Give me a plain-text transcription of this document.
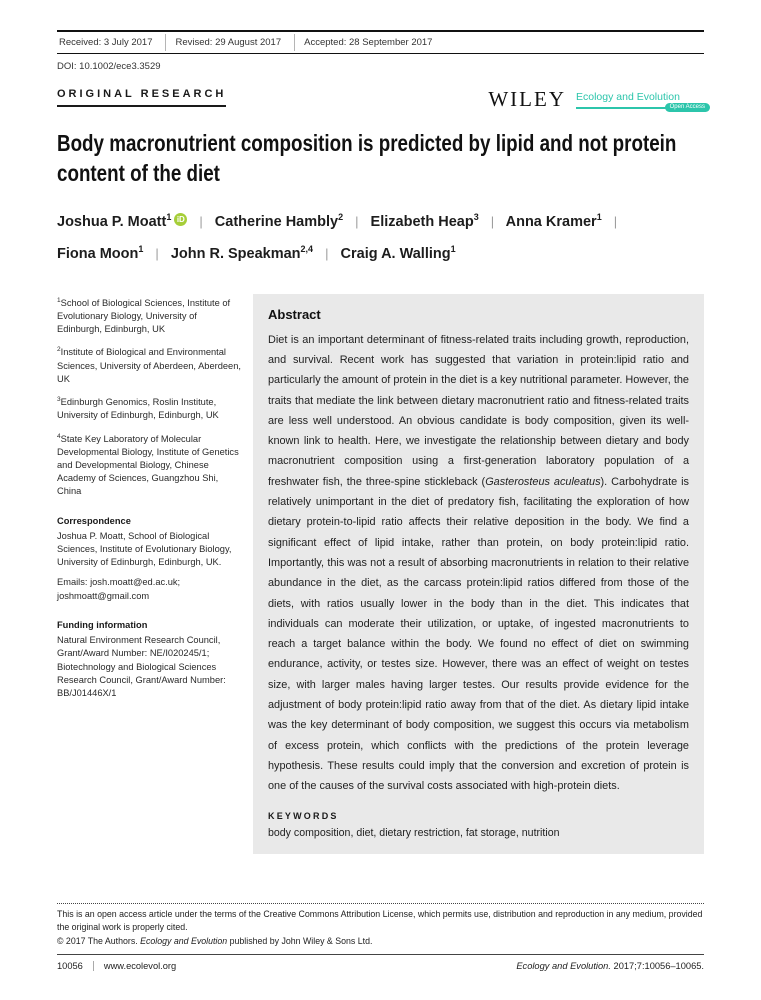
Received: 3 July 2017	Revised: 29 August 2017	Accepted: 28 September 2017
DOI: 10.1002/ece3.3529
ORIGINAL RESEARCH	WILEY Ecology and Evolution
Open Access
Body macronutrient composition is predicted by lipid and not protein content of the diet
Joshua P. Moatt$^1$ iD | Catherine Hambly$^2$ | Elizabeth Heap$^3$ | Anna Kramer$^1$ |
Fiona Moon$^1$ | John R. Speakman$^{2,4}$ | Craig A. Walling$^1$

$^1$School of Biological Sciences, Institute of Evolutionary Biology, University of Edinburgh, Edinburgh, UK

$^2$Institute of Biological and Environmental Sciences, University of Aberdeen, Aberdeen, UK

$^3$Edinburgh Genomics, Roslin Institute, University of Edinburgh, Edinburgh, UK

$^4$State Key Laboratory of Molecular Developmental Biology, Institute of Genetics and Developmental Biology, Chinese Academy of Sciences, Guangzhou Shi, China

Correspondence

Joshua P. Moatt, School of Biological Sciences, Institute of Evolutionary Biology, University of Edinburgh, Edinburgh, UK.

Emails: josh.moatt@ed.ac.uk; joshmoatt@gmail.com

Funding information

Natural Environment Research Council, Grant/Award Number: NE/I020245/1; Biotechnology and Biological Sciences Research Council, Grant/Award Number: BB/J01446X/1

Abstract

Diet is an important determinant of fitness-related traits including growth, reproduction, and survival. Recent work has suggested that variation in protein:lipid ratio and particularly the amount of protein in the diet is a key nutritional parameter. However, the traits that mediate the link between dietary macronutrient ratio and fitness-related traits are less well understood. An obvious candidate is body composition, given its well-known link to health. Here, we investigate the relationship between dietary and body macronutrient composition using a first-generation laboratory population of a freshwater fish, the three-spine stickleback (Gasterosteus aculeatus). Carbohydrate is relatively unimportant in the diet of predatory fish, facilitating the exploration of how dietary protein-to-lipid ratio affects their relative deposition in the body. We find a significant effect of lipid intake, rather than protein, on body protein:lipid ratio. Importantly, this was not a result of absorbing macronutrients in relation to their relative abundance in the diet, as the carcass protein:lipid ratios differed from those of the diets, with ratios usually lower in the body than in the diet. This indicates that individuals can moderate their utilization, or uptake, of ingested macronutrients to reach a target balance within the body. We found no effect of diet on swimming endurance, activity, or testes size. However, there was an effect of weight on testes size, with larger males having larger testes. Our results provide evidence for the adjustment of body protein:lipid ratio away from that of the diet. As dietary lipid intake was the key determinant of body composition, we suggest this occurs via metabolism of excess protein, which conflicts with the predictions of the protein leverage hypothesis. These results could imply that the conversion and excretion of protein is one of the causes of the survival costs associated with high-protein diets.

KEYWORDS
body composition, diet, dietary restriction, fat storage, nutrition
This is an open access article under the terms of the Creative Commons Attribution License, which permits use, distribution and reproduction in any medium, provided the original work is properly cited.
© 2017 The Authors. Ecology and Evolution published by John Wiley & Sons Ltd.
10056	www.ecolevol.org	Ecology and Evolution. 2017;7:10056–10065.
